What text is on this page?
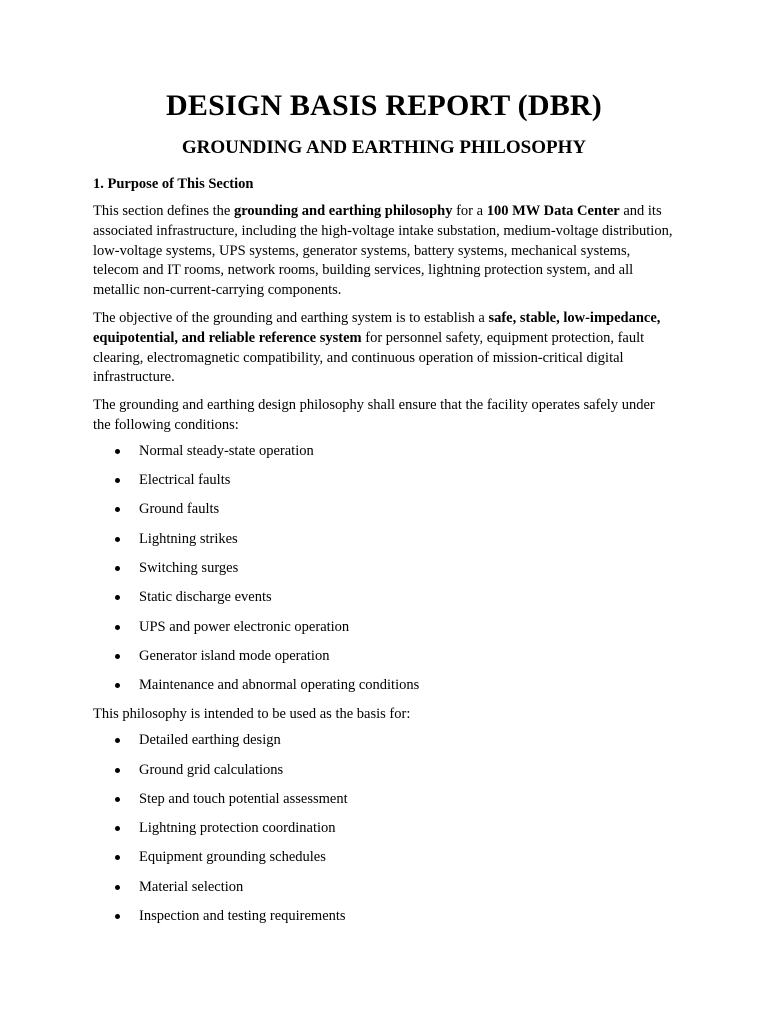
DESIGN BASIS REPORT (DBR)
GROUNDING AND EARTHING PHILOSOPHY
1. Purpose of This Section

This section defines the grounding and earthing philosophy for a 100 MW Data Center and its associated infrastructure, including the high-voltage intake substation, medium-voltage distribution, low-voltage systems, UPS systems, generator systems, battery systems, mechanical systems, telecom and IT rooms, network rooms, building services, lightning protection system, and all metallic non-current-carrying components.

The objective of the grounding and earthing system is to establish a safe, stable, low-impedance, equipotential, and reliable reference system for personnel safety, equipment protection, fault clearing, electromagnetic compatibility, and continuous operation of mission-critical digital infrastructure.

The grounding and earthing design philosophy shall ensure that the facility operates safely under the following conditions:

Normal steady-state operation
Electrical faults
Ground faults
Lightning strikes
Switching surges
Static discharge events
UPS and power electronic operation
Generator island mode operation
Maintenance and abnormal operating conditions

This philosophy is intended to be used as the basis for:

Detailed earthing design
Ground grid calculations
Step and touch potential assessment
Lightning protection coordination
Equipment grounding schedules
Material selection
Inspection and testing requirements
